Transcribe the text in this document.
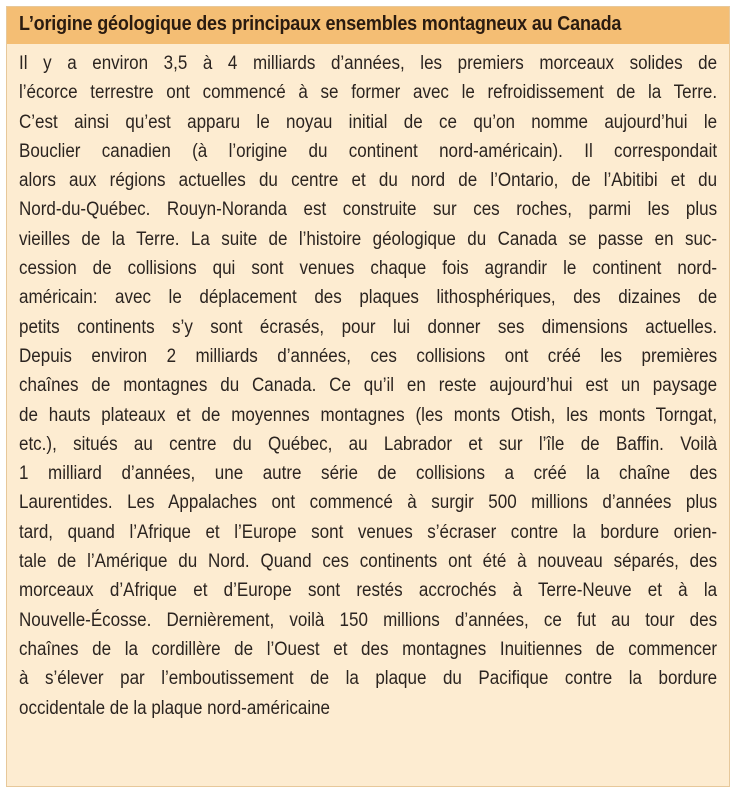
L’origine géologique des principaux ensembles montagneux au Canada
Il y a environ 3,5 à 4 milliards d’années, les premiers morceaux solides de
l’écorce terrestre ont commencé à se former avec le refroidissement de la Terre.
C’est ainsi qu’est apparu le noyau initial de ce qu’on nomme aujourd’hui le
Bouclier canadien (à l’origine du continent nord-américain). Il correspondait
alors aux régions actuelles du centre et du nord de l’Ontario, de l’Abitibi et du
Nord-du-Québec. Rouyn-Noranda est construite sur ces roches, parmi les plus
vieilles de la Terre. La suite de l’histoire géologique du Canada se passe en suc-
cession de collisions qui sont venues chaque fois agrandir le continent nord-
américain: avec le déplacement des plaques lithosphériques, des dizaines de
petits continents s’y sont écrasés, pour lui donner ses dimensions actuelles.
Depuis environ 2 milliards d’années, ces collisions ont créé les premières
chaînes de montagnes du Canada. Ce qu’il en reste aujourd’hui est un paysage
de hauts plateaux et de moyennes montagnes (les monts Otish, les monts Torngat,
etc.), situés au centre du Québec, au Labrador et sur l’île de Baffin. Voilà
1 milliard d’années, une autre série de collisions a créé la chaîne des
Laurentides. Les Appalaches ont commencé à surgir 500 millions d’années plus
tard, quand l’Afrique et l’Europe sont venues s’écraser contre la bordure orien-
tale de l’Amérique du Nord. Quand ces continents ont été à nouveau séparés, des
morceaux d’Afrique et d’Europe sont restés accrochés à Terre-Neuve et à la
Nouvelle-Écosse. Dernièrement, voilà 150 millions d’années, ce fut au tour des
chaînes de la cordillère de l’Ouest et des montagnes Inuitiennes de commencer
à s’élever par l’emboutissement de la plaque du Pacifique contre la bordure
occidentale de la plaque nord-américaine
